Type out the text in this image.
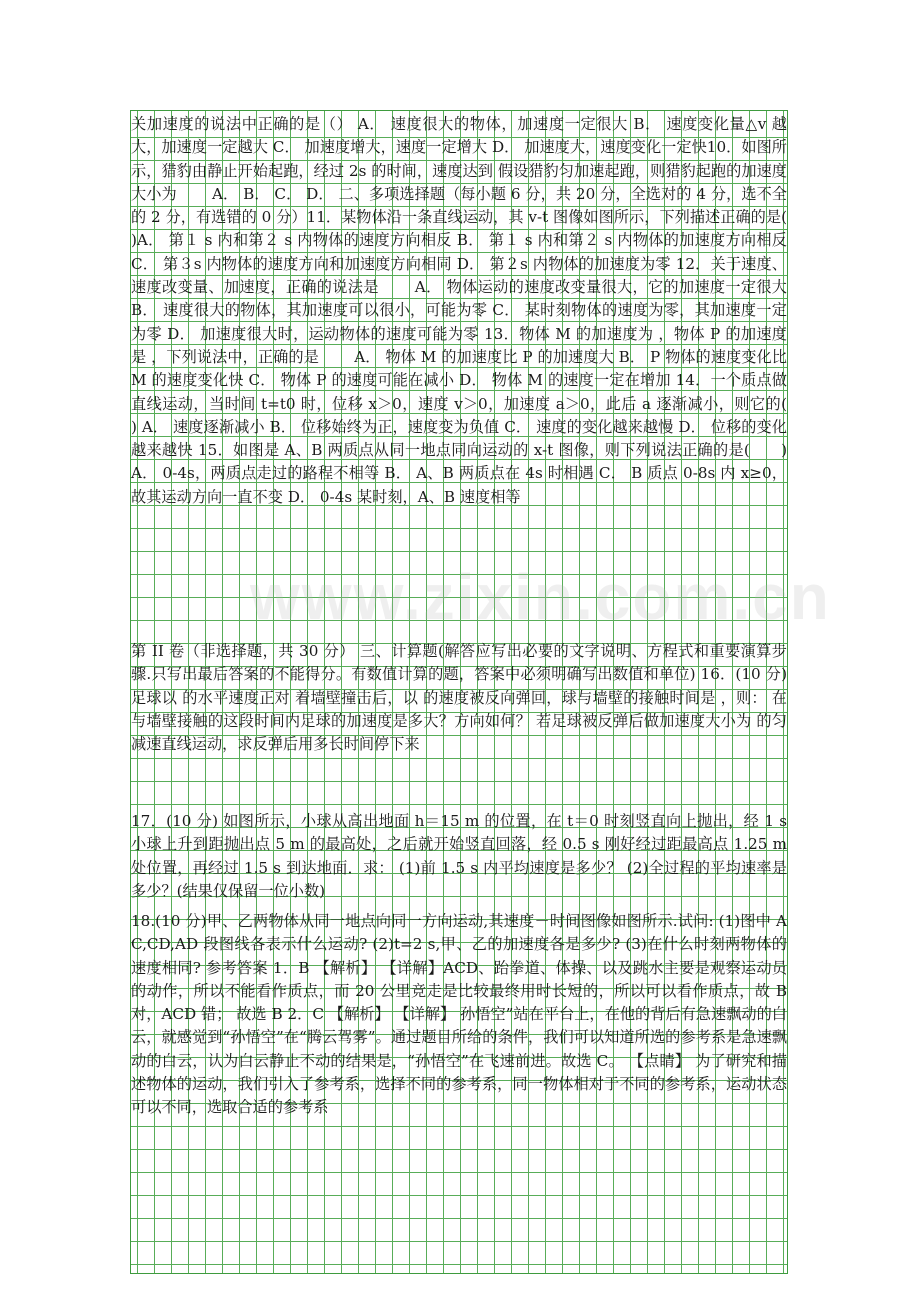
www.zixin.com.cn

关加速度的说法中正确的是（） A． 速度很大的物体，加速度一定很大 B． 速度变化量△v 越大，加速度一定越大 C． 加速度增大，速度一定增大 D． 加速度大，速度变化一定快10．如图所示，猎豹由静止开始起跑，经过 2s 的时间，速度达到 假设猎豹匀加速起跑，则猎豹起跑的加速度大小为 　　A． B． C． D． 二、多项选择题（每小题 6 分，共 20 分，全选对的 4 分，选不全的 2 分，有选错的 0 分）11．某物体沿一条直线运动，其 v-t 图像如图所示，下列描述正确的是(　　)A． 第１ s 内和第２ s 内物体的速度方向相反 B． 第１ s 内和第２ s 内物体的加速度方向相反 C． 第３s 内物体的速度方向和加速度方向相同 D． 第２s 内物体的加速度为零 12．关于速度、速度改变量、加速度，正确的说法是 　　A． 物体运动的速度改变量很大，它的加速度一定很大 B． 速度很大的物体，其加速度可以很小，可能为零 C． 某时刻物体的速度为零，其加速度一定为零 D． 加速度很大时，运动物体的速度可能为零 13．物体 M 的加速度为 ，物体 P 的加速度是 ，下列说法中，正确的是 　　A． 物体 M 的加速度比 P 的加速度大 B． P 物体的速度变化比 M 的速度变化快 C． 物体 P 的速度可能在减小 D． 物体 M 的速度一定在增加 14．一个质点做直线运动，当时间 t=t0 时，位移 x＞0，速度 v＞0，加速度 a＞0，此后 a 逐渐减小，则它的(　　) A． 速度逐渐减小 B． 位移始终为正，速度变为负值 C． 速度的变化越来越慢 D． 位移的变化越来越快 15．如图是 A、B 两质点从同一地点同向运动的 x-t 图像，则下列说法正确的是(　　)A． 0-4s，两质点走过的路程不相等 B． A、B 两质点在 4s 时相遇 C． B 质点 0-8s 内 x≥0，故其运动方向一直不变 D． 0-4s 某时刻，A、B 速度相等

第 II 卷（非选择题，共 30 分） 三、计算题(解答应写出必要的文字说明、方程式和重要演算步骤.只写出最后答案的不能得分。有数值计算的题，答案中必须明确写出数值和单位) 16．(10 分) 足球以 的水平速度正对 着墙壁撞击后，以 的速度被反向弹回，球与墙壁的接触时间是 ，则： 在与墙壁接触的这段时间内足球的加速度是多大？方向如何？ 若足球被反弹后做加速度大小为 的匀减速直线运动，求反弹后用多长时间停下来

17．(10 分) 如图所示，小球从高出地面 h＝15 m 的位置，在 t＝0 时刻竖直向上抛出，经 1 s 小球上升到距抛出点 5 m 的最高处，之后就开始竖直回落，经 0.5 s 刚好经过距最高点 1.25 m 处位置，再经过 1.5 s 到达地面．求： (1)前 1.5 s 内平均速度是多少？ (2)全过程的平均速率是多少？(结果仅保留一位小数)

18.(10 分)甲、乙两物体从同一地点向同一方向运动,其速度－时间图像如图所示.试问: (1)图中 AC,CD,AD 段图线各表示什么运动? (2)t=2 s,甲、乙的加速度各是多少? (3)在什么时刻两物体的速度相同? 参考答案 1．B 【解析】 【详解】ACD、跆拳道、体操、以及跳水主要是观察运动员的动作，所以不能看作质点，而 20 公里竞走是比较最终用时长短的，所以可以看作质点，故 B 对，ACD 错； 故选 B 2．C 【解析】 【详解】 孙悟空”站在平台上，在他的背后有急速飘动的白云，就感觉到“孙悟空”在“腾云驾雾”。通过题目所给的条件，我们可以知道所选的参考系是急速飘动的白云，认为白云静止不动的结果是，“孙悟空”在飞速前进。故选 C。 【点睛】 为了研究和描述物体的运动，我们引入了参考系，选择不同的参考系，同一物体相对于不同的参考系，运动状态可以不同，选取合适的参考系
